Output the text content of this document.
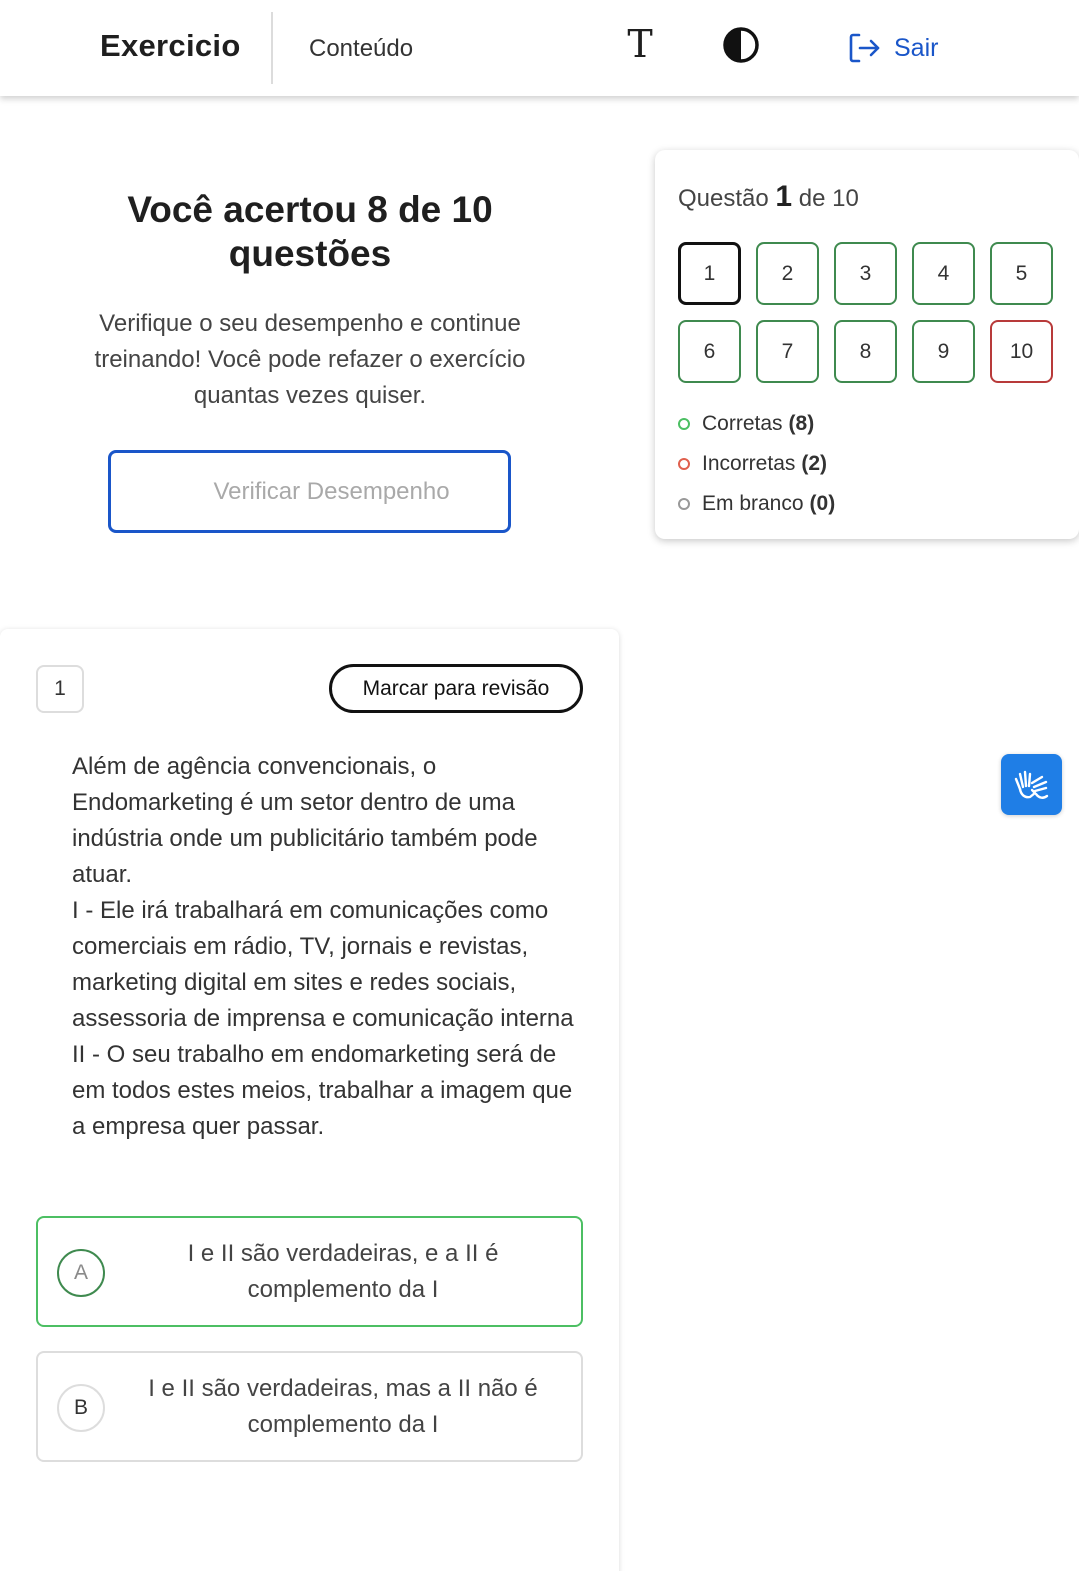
Exercicio	Conteúdo	T	Sair
Você acertou 8 de 10 questões
Verifique o seu desempenho e continue treinando! Você pode refazer o exercício quantas vezes quiser.
Verificar Desempenho
Questão 1 de 10
1	2	3	4	5
6	7	8	9	10
Corretas (8)
Incorretas (2)
Em branco (0)
1	Marcar para revisão

Além de agência convencionais, o Endomarketing é um setor dentro de uma indústria onde um publicitário também pode atuar.

I - Ele irá trabalhará em comunicações como comerciais em rádio, TV, jornais e revistas, marketing digital em sites e redes sociais, assessoria de imprensa e comunicação interna

II - O seu trabalho em endomarketing será de em todos estes meios, trabalhar a imagem que a empresa quer passar.

A
I e II são verdadeiras, e a II é complemento da I
B
I e II são verdadeiras, mas a II não é complemento da I
